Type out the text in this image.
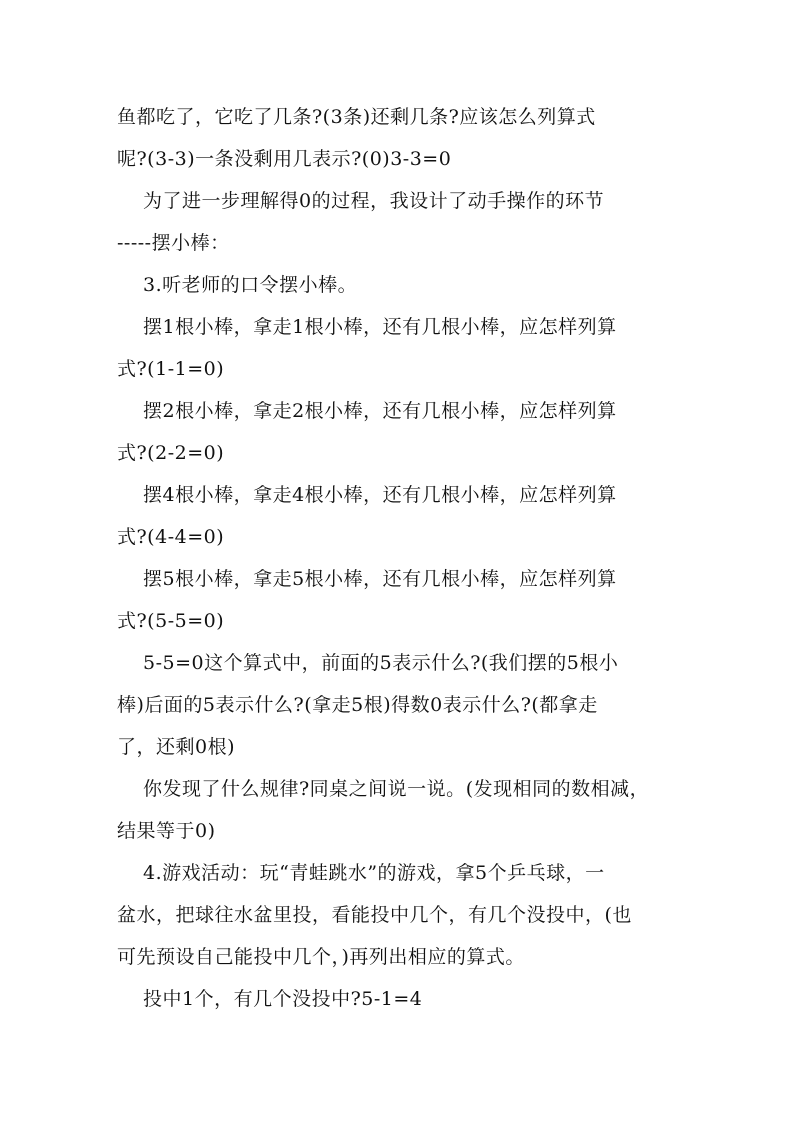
鱼都吃了，它吃了几条?(3条)还剩几条?应该怎么列算式
呢?(3-3)一条没剩用几表示?(0)3-3=0
为了进一步理解得0的过程，我设计了动手操作的环节
-----摆小棒：
3.听老师的口令摆小棒。
摆1根小棒，拿走1根小棒，还有几根小棒，应怎样列算
式?(1-1=0)
摆2根小棒，拿走2根小棒，还有几根小棒，应怎样列算
式?(2-2=0)
摆4根小棒，拿走4根小棒，还有几根小棒，应怎样列算
式?(4-4=0)
摆5根小棒，拿走5根小棒，还有几根小棒，应怎样列算
式?(5-5=0)
5-5=0这个算式中，前面的5表示什么?(我们摆的5根小
棒)后面的5表示什么?(拿走5根)得数0表示什么?(都拿走
了，还剩0根)
你发现了什么规律?同桌之间说一说。(发现相同的数相减，
结果等于0)
4.游戏活动：玩“青蛙跳水”的游戏，拿5个乒乓球，一
盆水，把球往水盆里投，看能投中几个，有几个没投中，(也
可先预设自己能投中几个，)再列出相应的算式。
投中1个，有几个没投中?5-1=4
